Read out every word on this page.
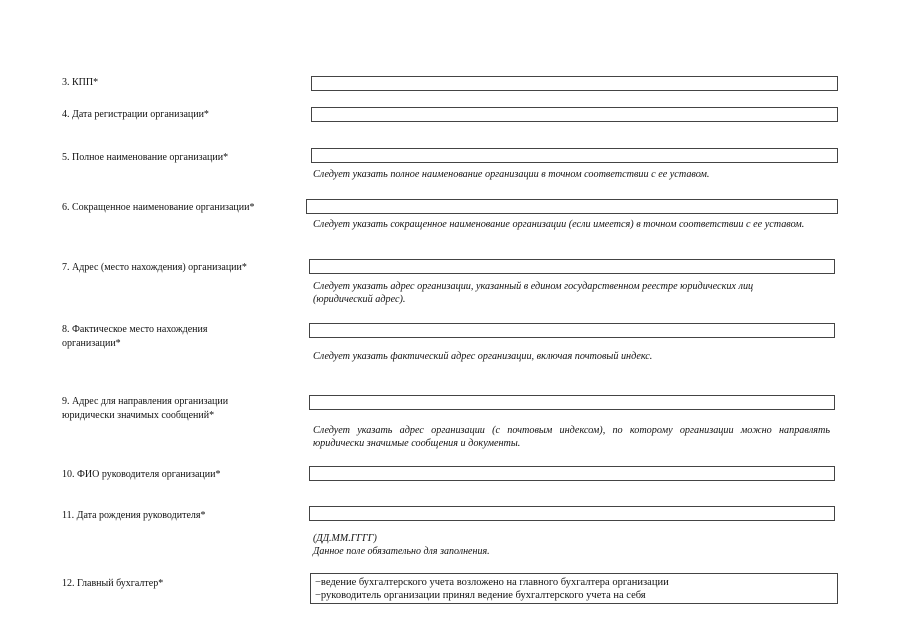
3. КПП*
4. Дата регистрации организации*
5. Полное наименование организации*
Следует указать полное наименование организации в точном соответствии с ее уставом.
6. Сокращенное наименование организации*
Следует указать сокращенное наименование организации (если имеется) в точном соответствии с ее уставом.
7. Адрес (место нахождения) организации*
Следует указать адрес организации, указанный в едином государственном реестре юридических лиц (юридический адрес).
8. Фактическое место нахождения организации*
Следует указать фактический адрес организации, включая почтовый индекс.
9. Адрес для направления организации юридически значимых сообщений*
Следует указать адрес организации (с почтовым индексом), по которому организации можно направлять юридически значимые сообщения и документы.
10. ФИО руководителя организации*
11. Дата рождения руководителя*
(ДД.ММ.ГГГГ)
Данное поле обязательно для заполнения.
12. Главный бухгалтер*	−ведение бухгалтерского учета возложено на главного бухгалтера организации
−руководитель организации принял ведение бухгалтерского учета на себя
